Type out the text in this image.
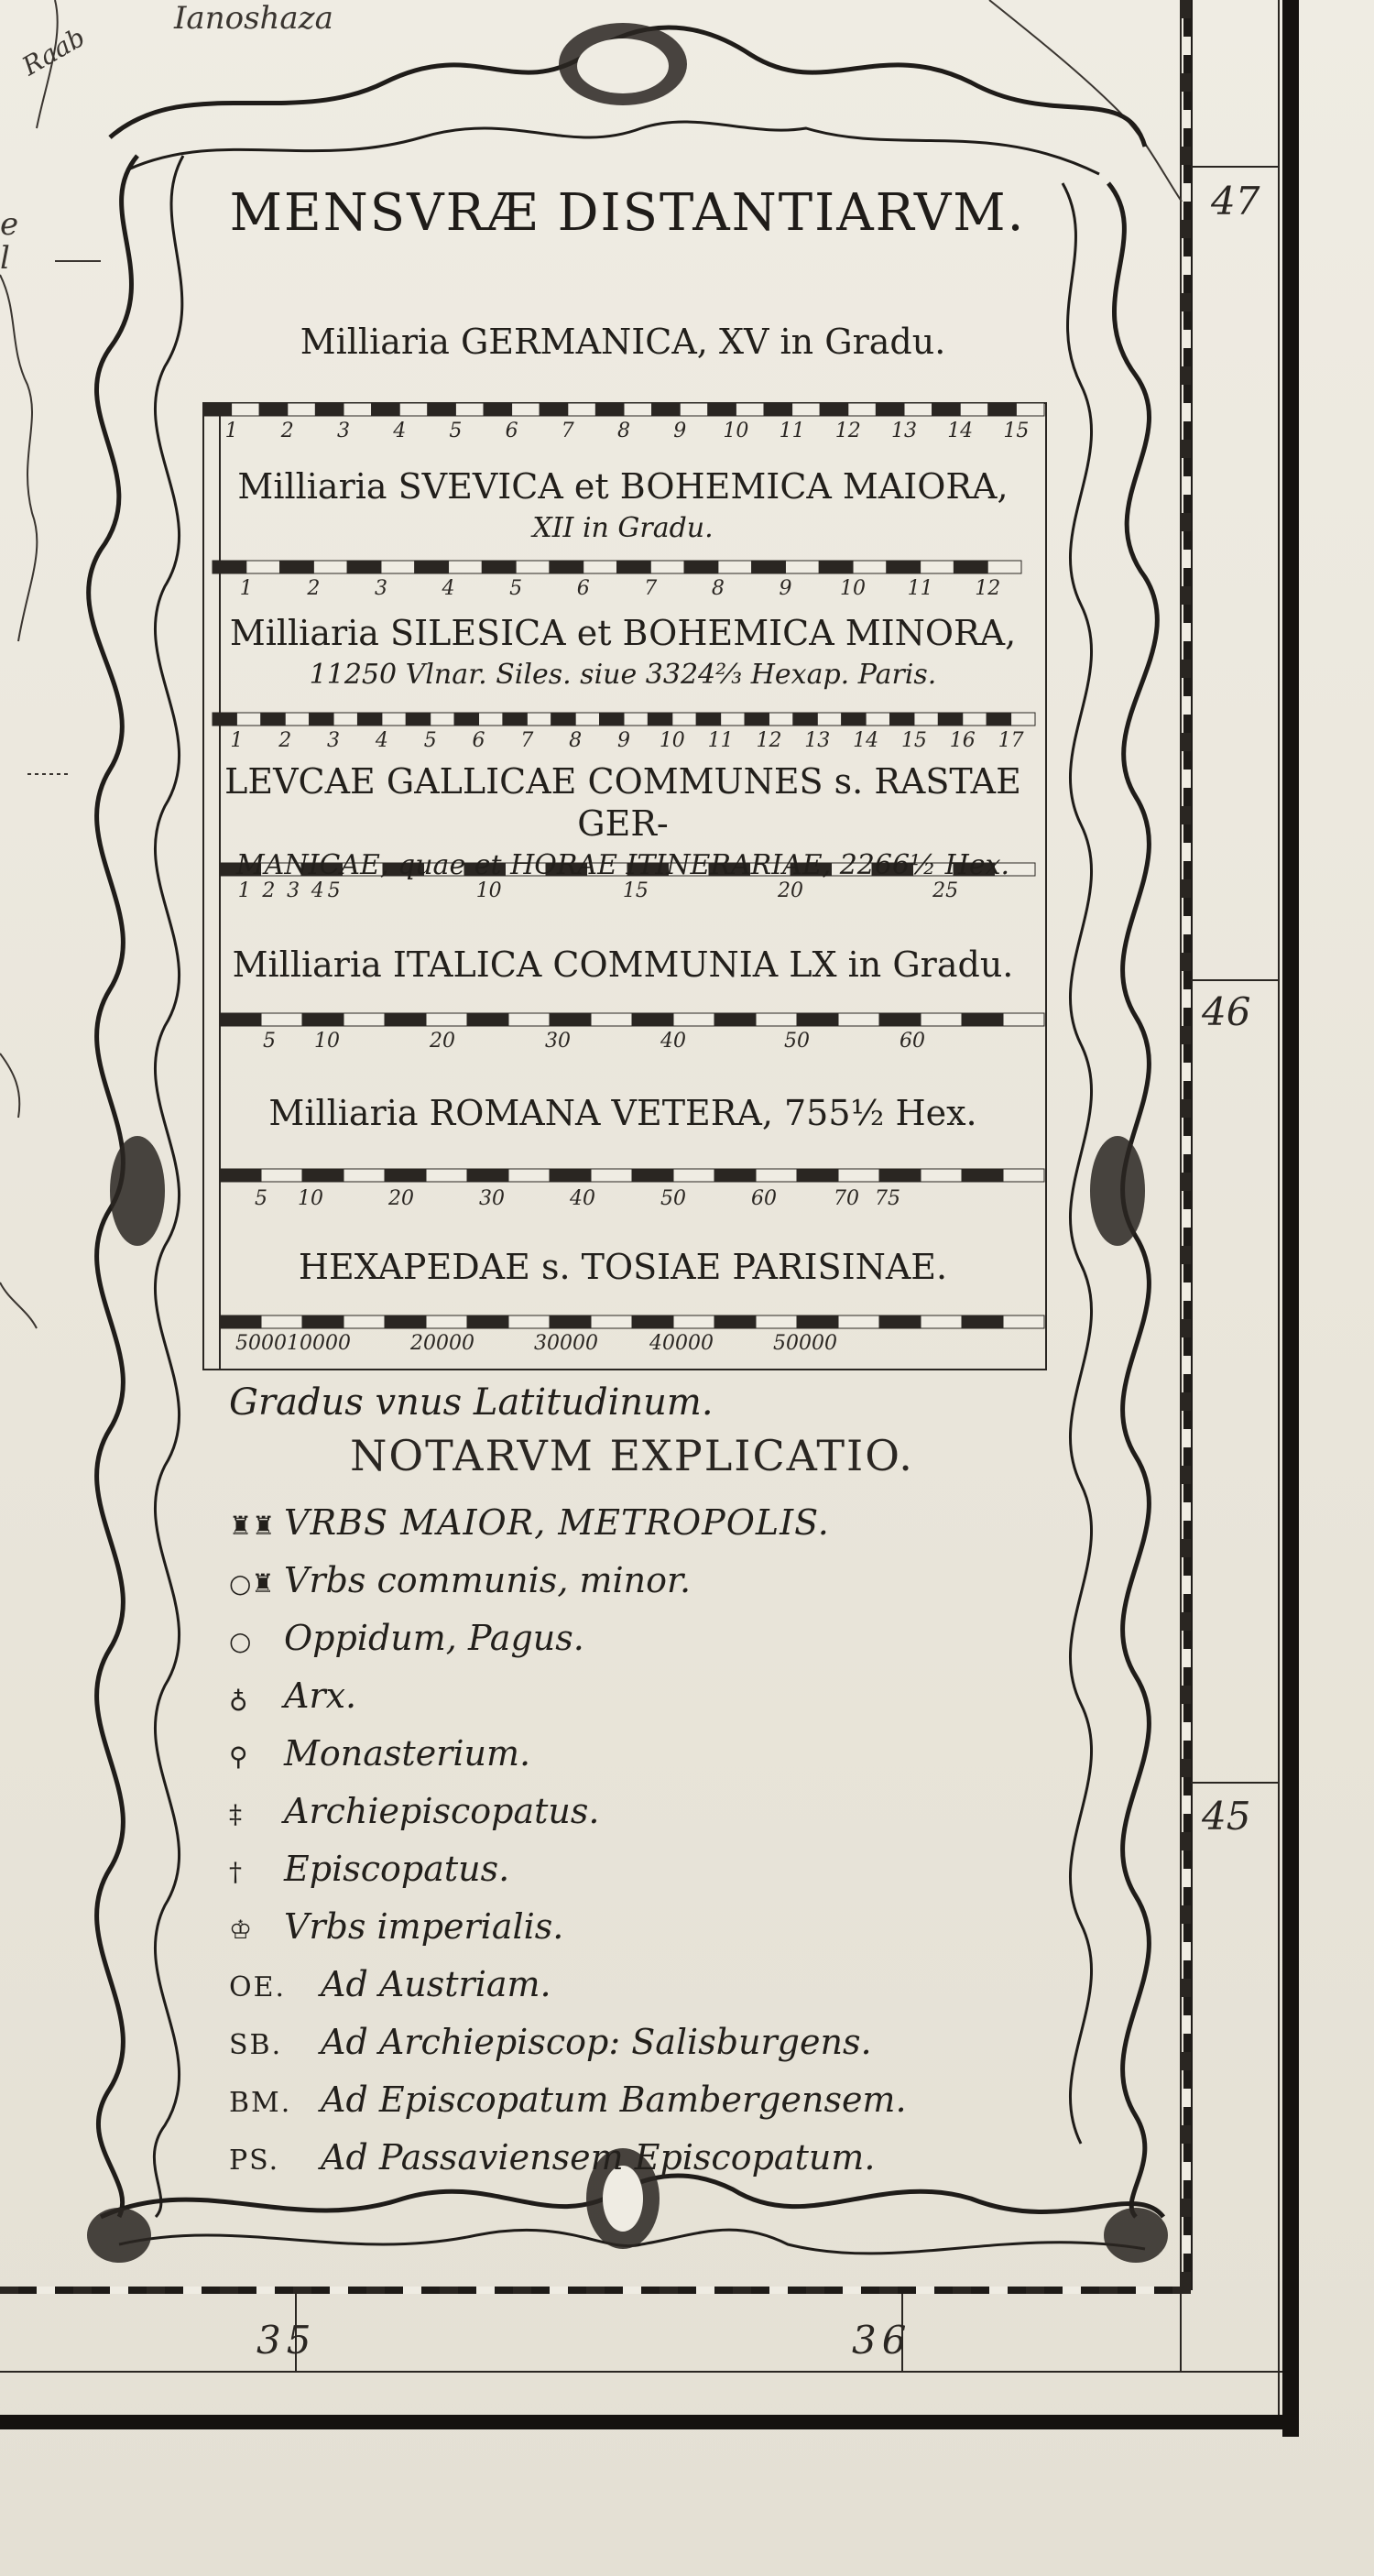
Ianoshaza
Raab
e
l
MENSVRÆ DISTANTIARVM.
Milliaria GERMANICA, XV in Gradu.
1 2 3 4 5 6 7 8 9 10 11 12 13 14 15
Milliaria SVEVICA et BOHEMICA MAIORA,
XII in Gradu.
1	2	3	4	5	6	7	8	9 10 11 12
Milliaria SILESICA et BOHEMICA MINORA,
11250 Vlnar. Siles. siue 3324⅔ Hexap. Paris.
1 2 3 4 5 6 7 8 9 10 11 12 13 14 15 16 17
LEVCAE GALLICAE COMMUNES s. RASTAE GER-
MANICAE, quae et HORAE ITINERARIAE, 2266½ Hex.
1 2 3 4 5	10	15	20	25
Milliaria ITALICA COMMUNIA LX in Gradu.
5 10	20	30	40	50	60
Milliaria ROMANA VETERA, 755½ Hex.
5 10	20	30	40	50	60	70 75
HEXAPEDAE s. TOSIAE PARISINAE.
5000 10000	20000	30000	40000	50000
Gradus vnus Latitudinum.
NOTARVM EXPLICATIO.
♜♜ VRBS MAIOR, METROPOLIS.
○♜ Vrbs communis, minor.
○ Oppidum, Pagus.
♁ Arx.
⚲ Monasterium.
‡ Archiepiscopatus.
† Episcopatus.
♔ Vrbs imperialis.
OE. Ad Austriam.
SB. Ad Archiepiscop: Salisburgens.
BM. Ad Episcopatum Bambergensem.
PS. Ad Passaviensem Episcopatum.
47
46
45
35	36
